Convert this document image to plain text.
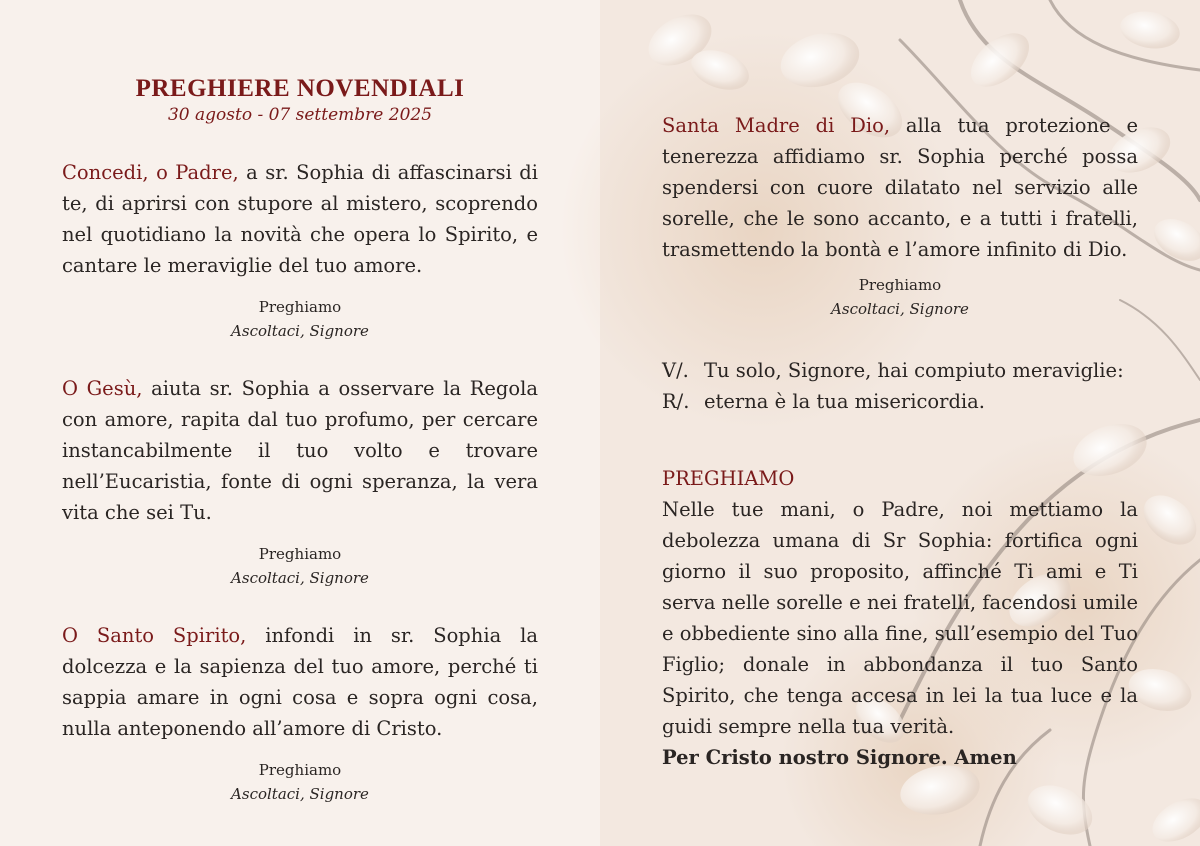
PREGHIERE NOVENDIALI
30 agosto - 07 settembre 2025

Concedi, o Padre, a sr. Sophia di affascinarsi di te, di aprirsi con stupore al mistero, scoprendo nel quotidiano la novità che opera lo Spirito, e cantare le meraviglie del tuo amore.

Preghiamo
Ascoltaci, Signore

O Gesù, aiuta sr. Sophia a osservare la Regola con amore, rapita dal tuo profumo, per cercare instancabilmente il tuo volto e trovare nell’Eucaristia, fonte di ogni speranza, la vera vita che sei Tu.

Preghiamo
Ascoltaci, Signore

O Santo Spirito, infondi in sr. Sophia la dolcezza e la sapienza del tuo amore, perché ti sappia amare in ogni cosa e sopra ogni cosa, nulla anteponendo all’amore di Cristo.

Preghiamo
Ascoltaci, Signore

Santa Madre di Dio, alla tua protezione e tenerezza affidiamo sr. Sophia perché possa spendersi con cuore dilatato nel servizio alle sorelle, che le sono accanto, e a tutti i fratelli, trasmettendo la bontà e l’amore infinito di Dio.

Preghiamo
Ascoltaci, Signore
V/. Tu solo, Signore, hai compiuto meraviglie:
R/. eterna è la tua misericordia.
PREGHIAMO

Nelle tue mani, o Padre, noi mettiamo la debolezza umana di Sr Sophia: fortifica ogni giorno il suo proposito, affinché Ti ami e Ti serva nelle sorelle e nei fratelli, facendosi umile e obbediente sino alla fine, sull’esempio del Tuo Figlio; donale in abbondanza il tuo Santo Spirito, che tenga accesa in lei la tua luce e la guidi sempre nella tua verità.

Per Cristo nostro Signore. Amen
